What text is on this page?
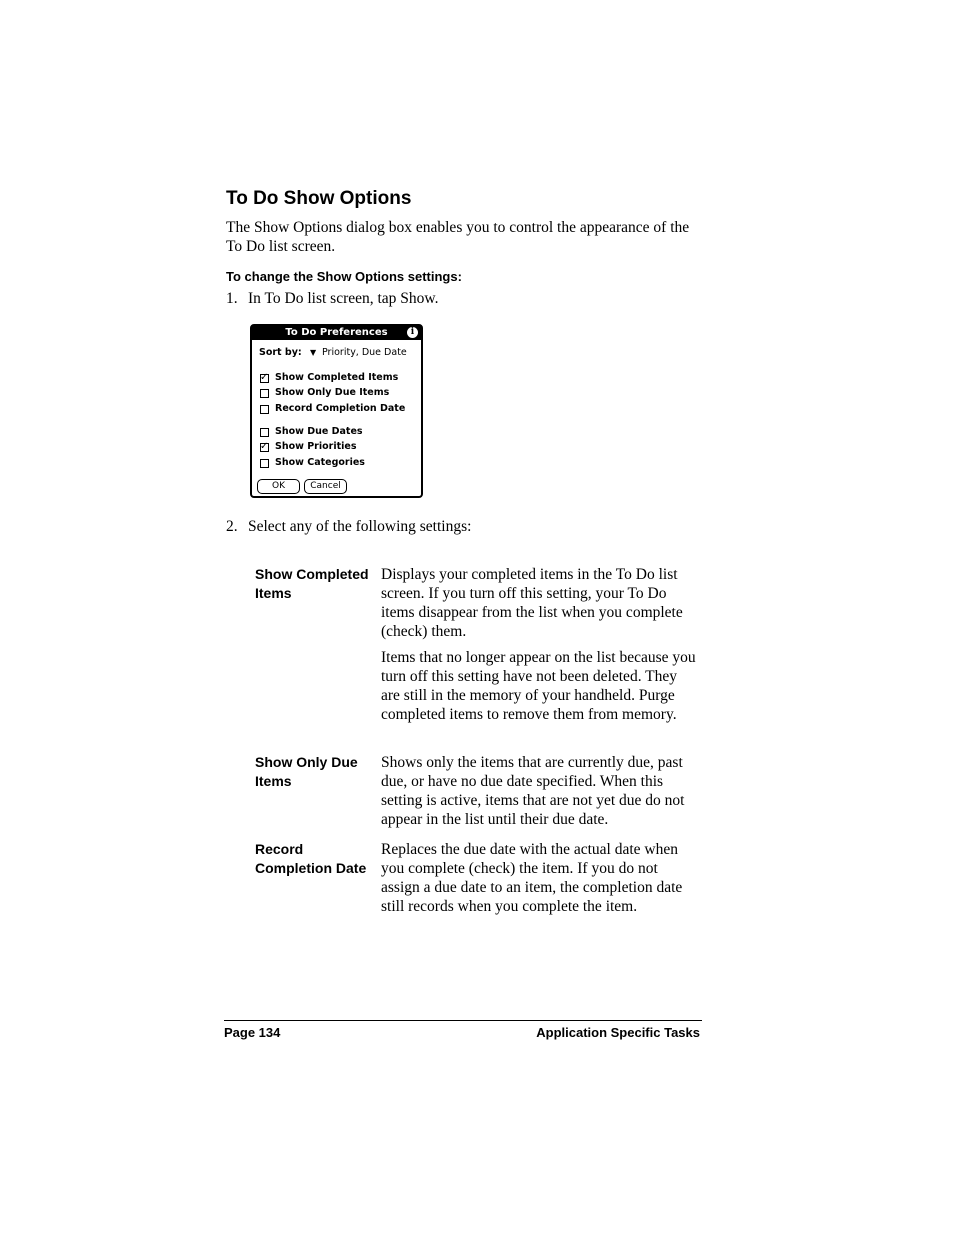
To Do Show Options

The Show Options dialog box enables you to control the appearance of the To Do list screen.

To change the Show Options settings:

1. In To Do list screen, tap Show.

To Do Preferences	i
Sort by: ▼ Priority, Due Date
✓ Show Completed Items
Show Only Due Items
Record Completion Date
Show Due Dates
✓ Show Priorities
Show Categories
OK	Cancel

2. Select any of the following settings:

Show Completed Items

Displays your completed items in the To Do list screen. If you turn off this setting, your To Do items disappear from the list when you complete (check) them.

Items that no longer appear on the list because you turn off this setting have not been deleted. They are still in the memory of your handheld. Purge completed items to remove them from memory.

Show Only Due Items

Shows only the items that are currently due, past due, or have no due date specified. When this setting is active, items that are not yet due do not appear in the list until their due date.

Record Completion Date

Replaces the due date with the actual date when you complete (check) the item. If you do not assign a due date to an item, the completion date still records when you complete the item.

Page 134	Application Specific Tasks
